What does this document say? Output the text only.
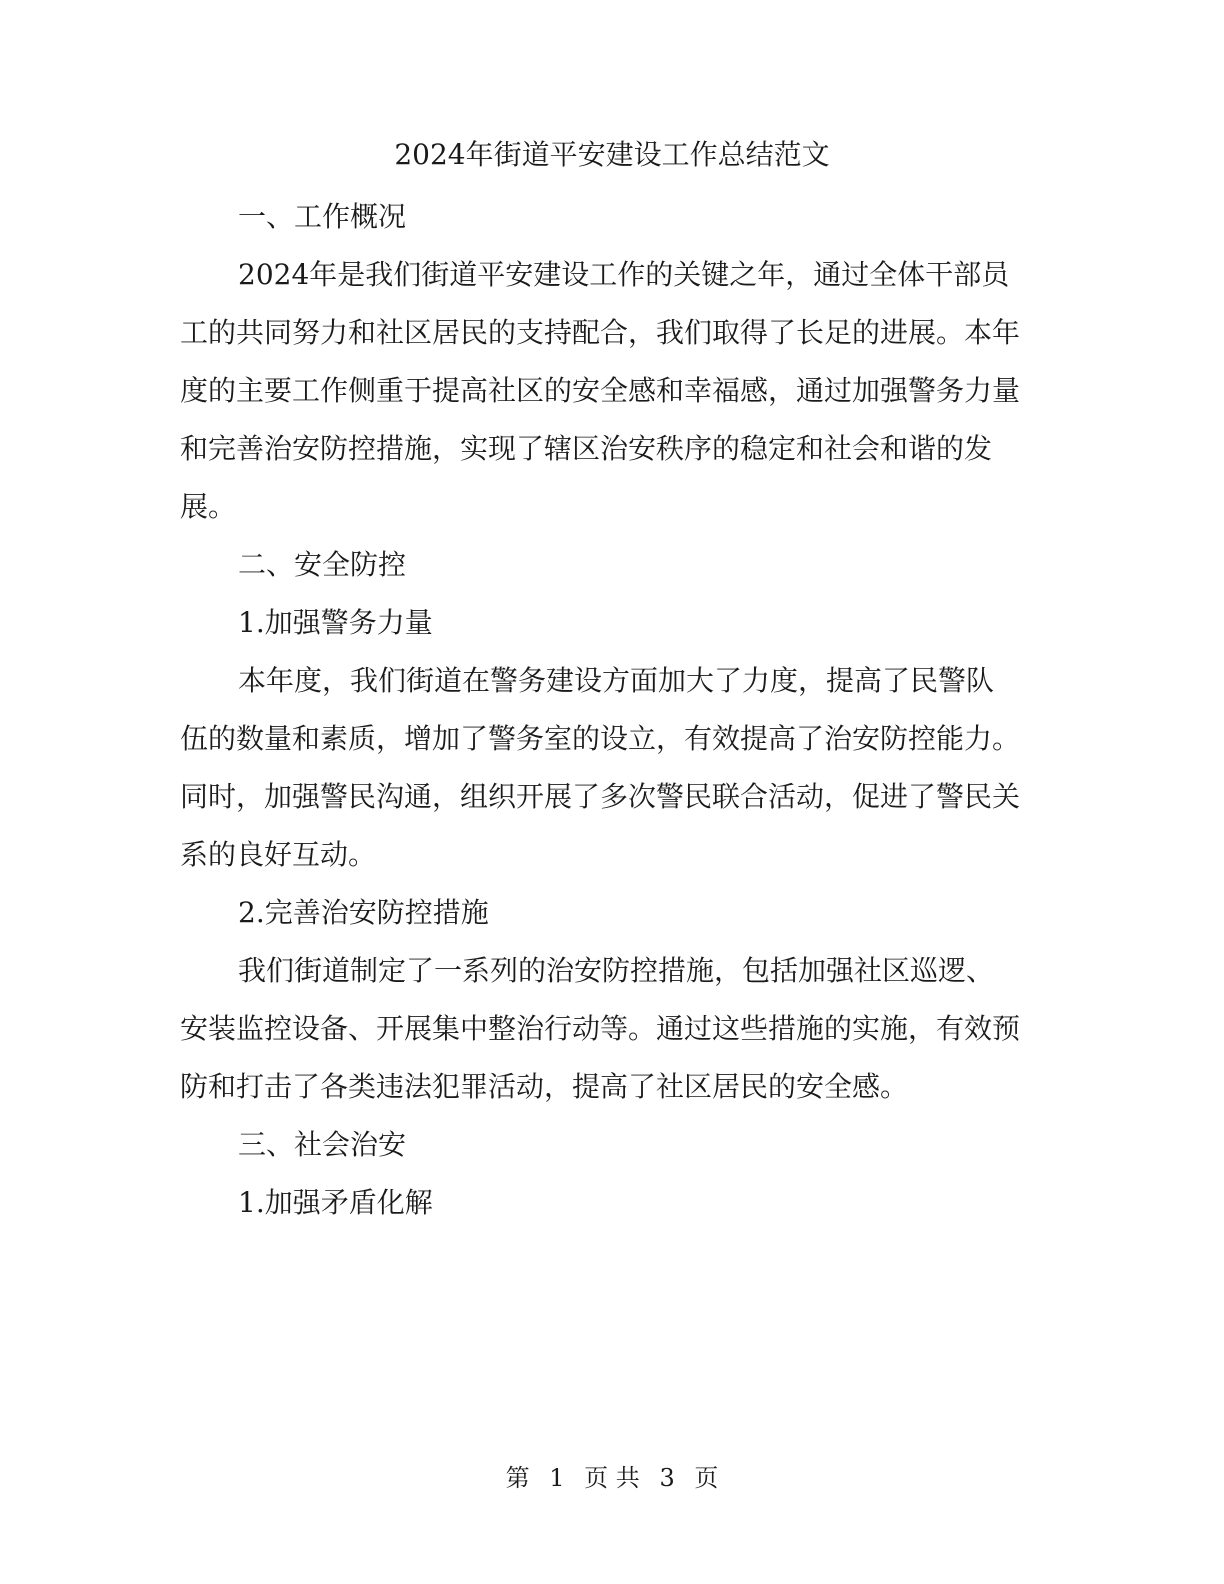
2024年街道平安建设工作总结范文

一、工作概况

2024年是我们街道平安建设工作的关键之年，通过全体干部员工的共同努力和社区居民的支持配合，我们取得了长足的进展。本年度的主要工作侧重于提高社区的安全感和幸福感，通过加强警务力量和完善治安防控措施，实现了辖区治安秩序的稳定和社会和谐的发展。

二、安全防控

1.加强警务力量

本年度，我们街道在警务建设方面加大了力度，提高了民警队伍的数量和素质，增加了警务室的设立，有效提高了治安防控能力。同时，加强警民沟通，组织开展了多次警民联合活动，促进了警民关系的良好互动。

2.完善治安防控措施

我们街道制定了一系列的治安防控措施，包括加强社区巡逻、安装监控设备、开展集中整治行动等。通过这些措施的实施，有效预防和打击了各类违法犯罪活动，提高了社区居民的安全感。

三、社会治安

1.加强矛盾化解

第 1 页 共 3 页
